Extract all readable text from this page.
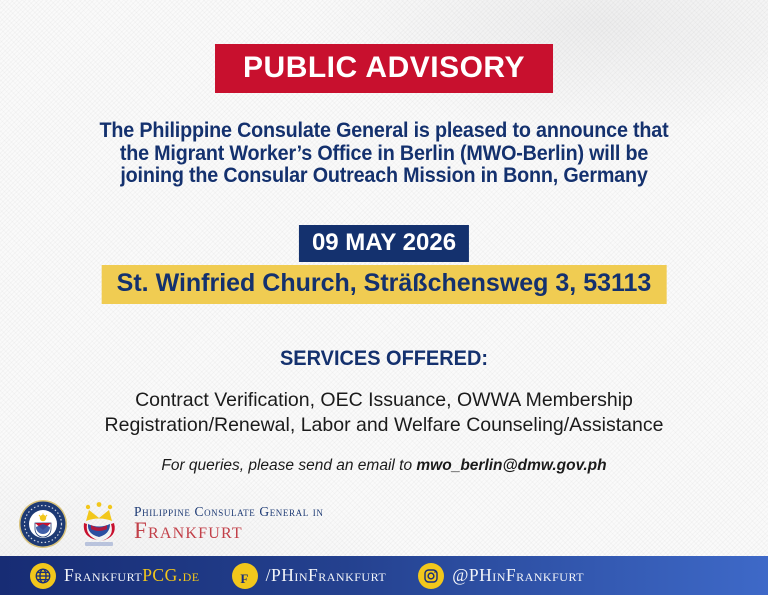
PUBLIC ADVISORY
The Philippine Consulate General is pleased to announce that
the Migrant Worker’s Office in Berlin (MWO-Berlin) will be
joining the Consular Outreach Mission in Bonn, Germany
09 MAY 2026
St. Winfried Church, Sträßchensweg 3, 53113
SERVICES OFFERED:
Contract Verification, OEC Issuance, OWWA Membership
Registration/Renewal, Labor and Welfare Counseling/Assistance
For queries, please send an email to mwo_berlin@dmw.gov.ph
Philippine Consulate General in
Frankfurt
FrankfurtPCG.de f /PHinFrankfurt	@PHinFrankfurt
